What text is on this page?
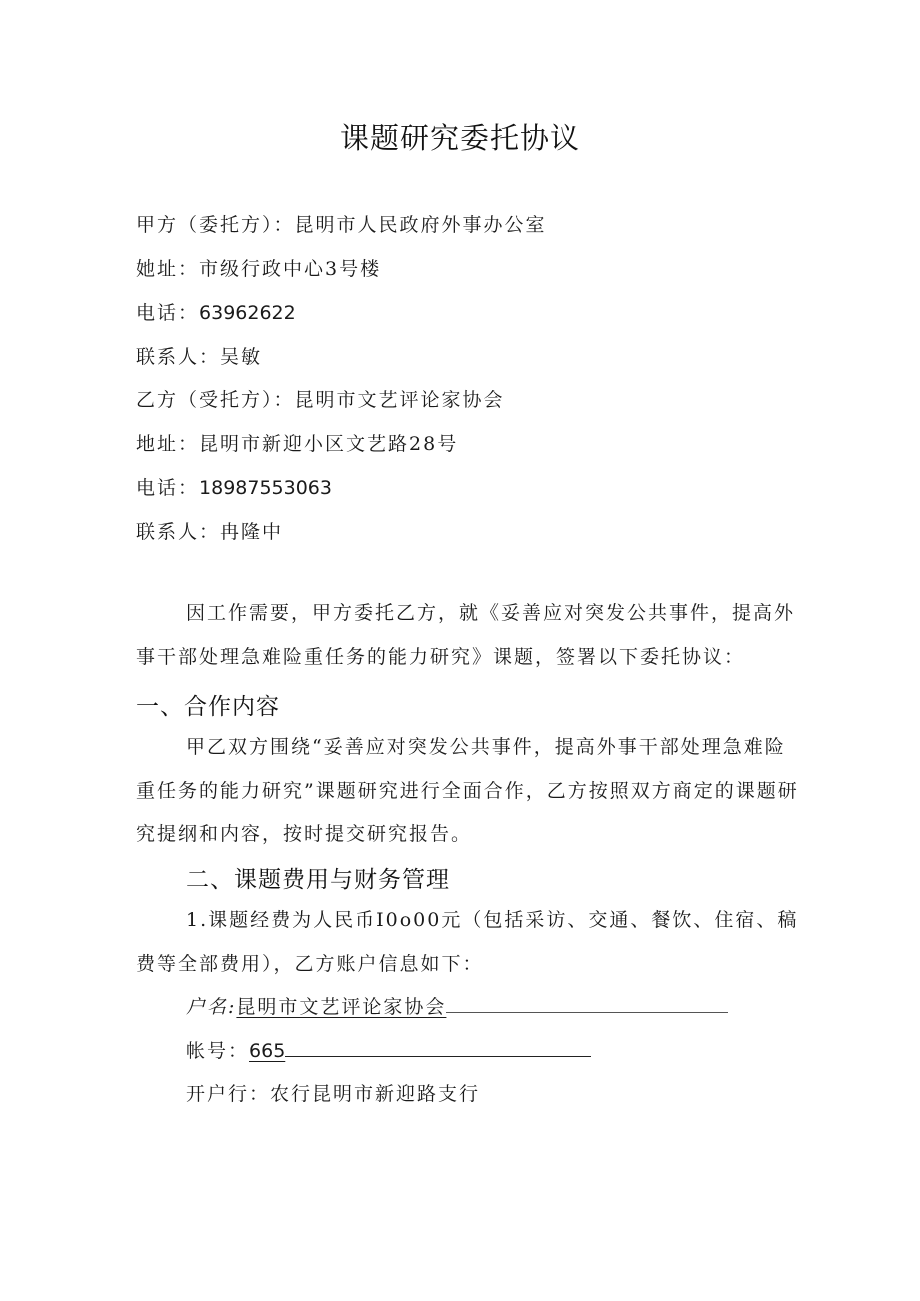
课题研究委托协议
甲方（委托方）：昆明市人民政府外事办公室
她址：市级行政中心3号楼
电话：63962622
联系人：吴敏
乙方（受托方）：昆明市文艺评论家协会
地址：昆明市新迎小区文艺路28号
电话：18987553063
联系人：冉隆中
因工作需要，甲方委托乙方，就《妥善应对突发公共事件，提高外事干部处理急难险重任务的能力研究》课题，签署以下委托协议：
一、合作内容
甲乙双方围绕“妥善应对突发公共事件，提高外事干部处理急难险重任务的能力研究”课题研究进行全面合作，乙方按照双方商定的课题研究提纲和内容，按时提交研究报告。
二、课题费用与财务管理
1.课题经费为人民币I0o00元（包括采访、交通、餐饮、住宿、稿费等全部费用），乙方账户信息如下：
户名:昆明市文艺评论家协会
帐号：665
开户行：农行昆明市新迎路支行
